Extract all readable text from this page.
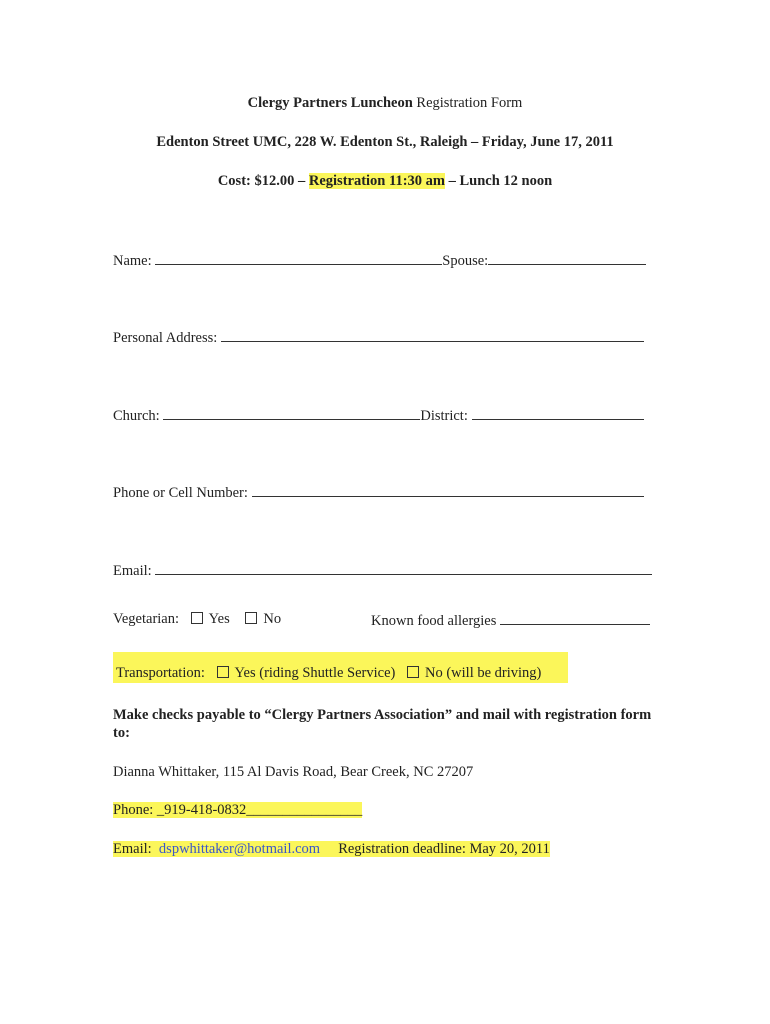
Clergy Partners Luncheon Registration Form
Edenton Street UMC, 228 W. Edenton St., Raleigh – Friday, June 17, 2011
Cost: $12.00 – Registration 11:30 am – Lunch 12 noon
Name:	Spouse:
Personal Address:
Church:	District:
Phone or Cell Number:
Email:
Vegetarian: Yes No	Known food allergies
Transportation: Yes (riding Shuttle Service) No (will be driving)
Make checks payable to “Clergy Partners Association” and mail with registration form to:
Dianna Whittaker, 115 Al Davis Road, Bear Creek, NC 27207
Phone: _919-418-0832________________
Email: dspwhittaker@hotmail.com Registration deadline: May 20, 2011
